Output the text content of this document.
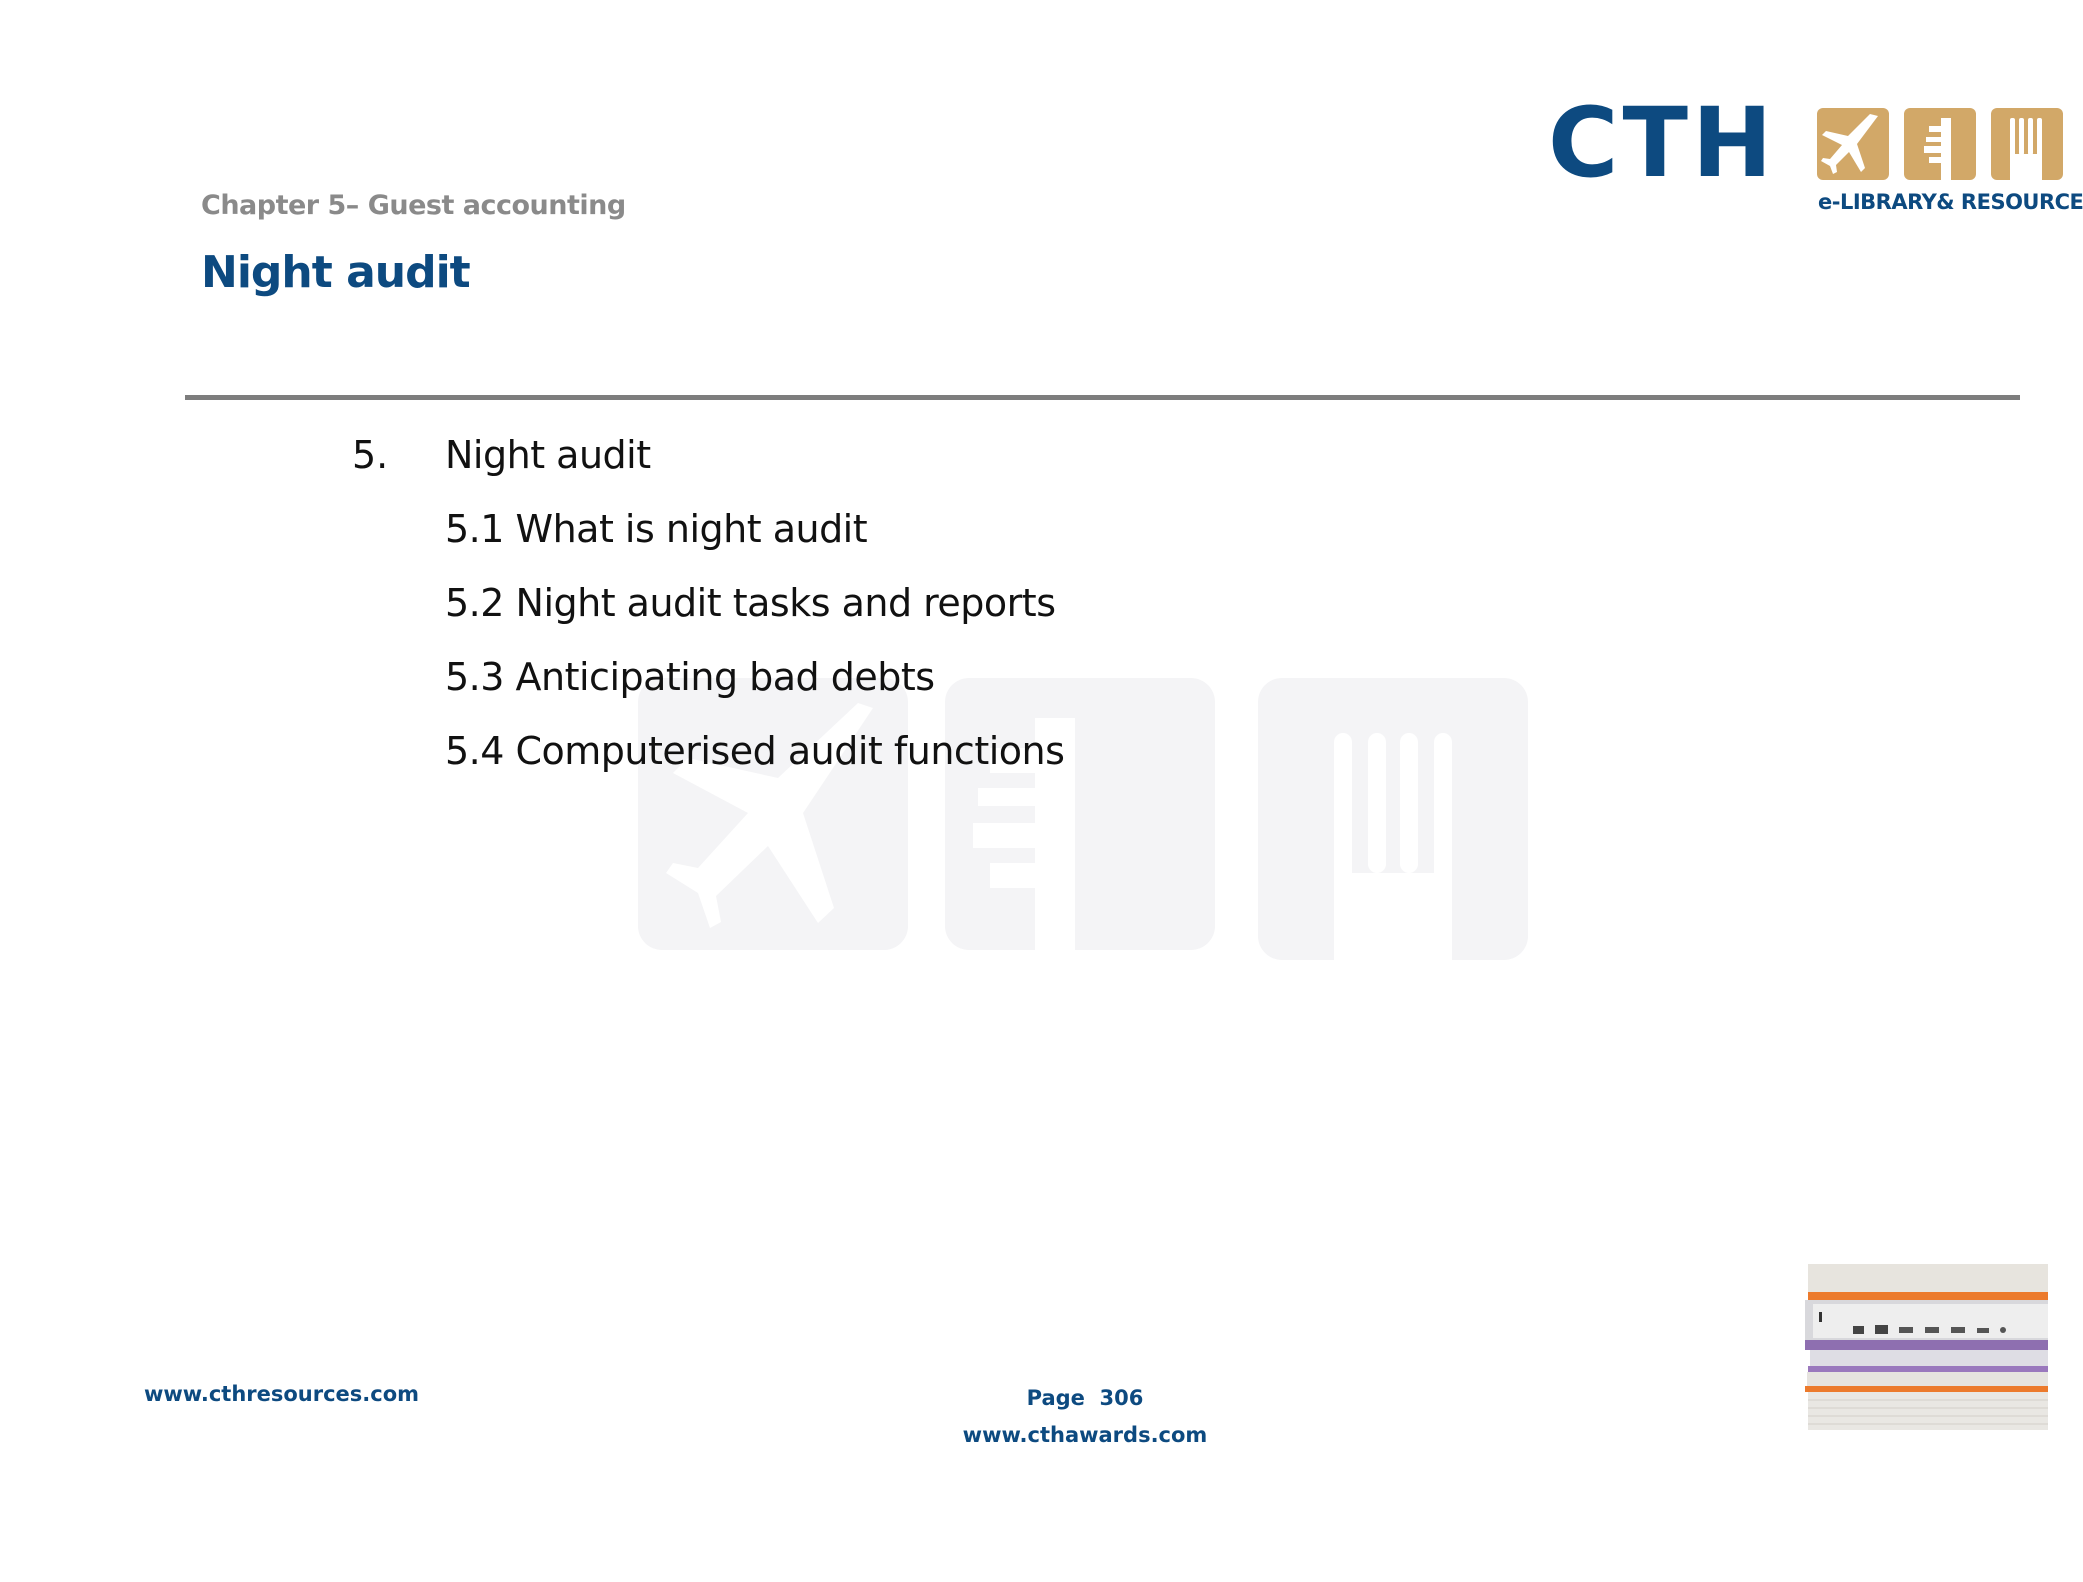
CTH
e-LIBRARY& RESOURCE
Chapter 5– Guest accounting
Night audit
5. Night audit
5.1 What is night audit
5.2 Night audit tasks and reports
5.3 Anticipating bad debts
5.4 Computerised audit functions
www.cthresources.com	Page 306
www.cthawards.com
